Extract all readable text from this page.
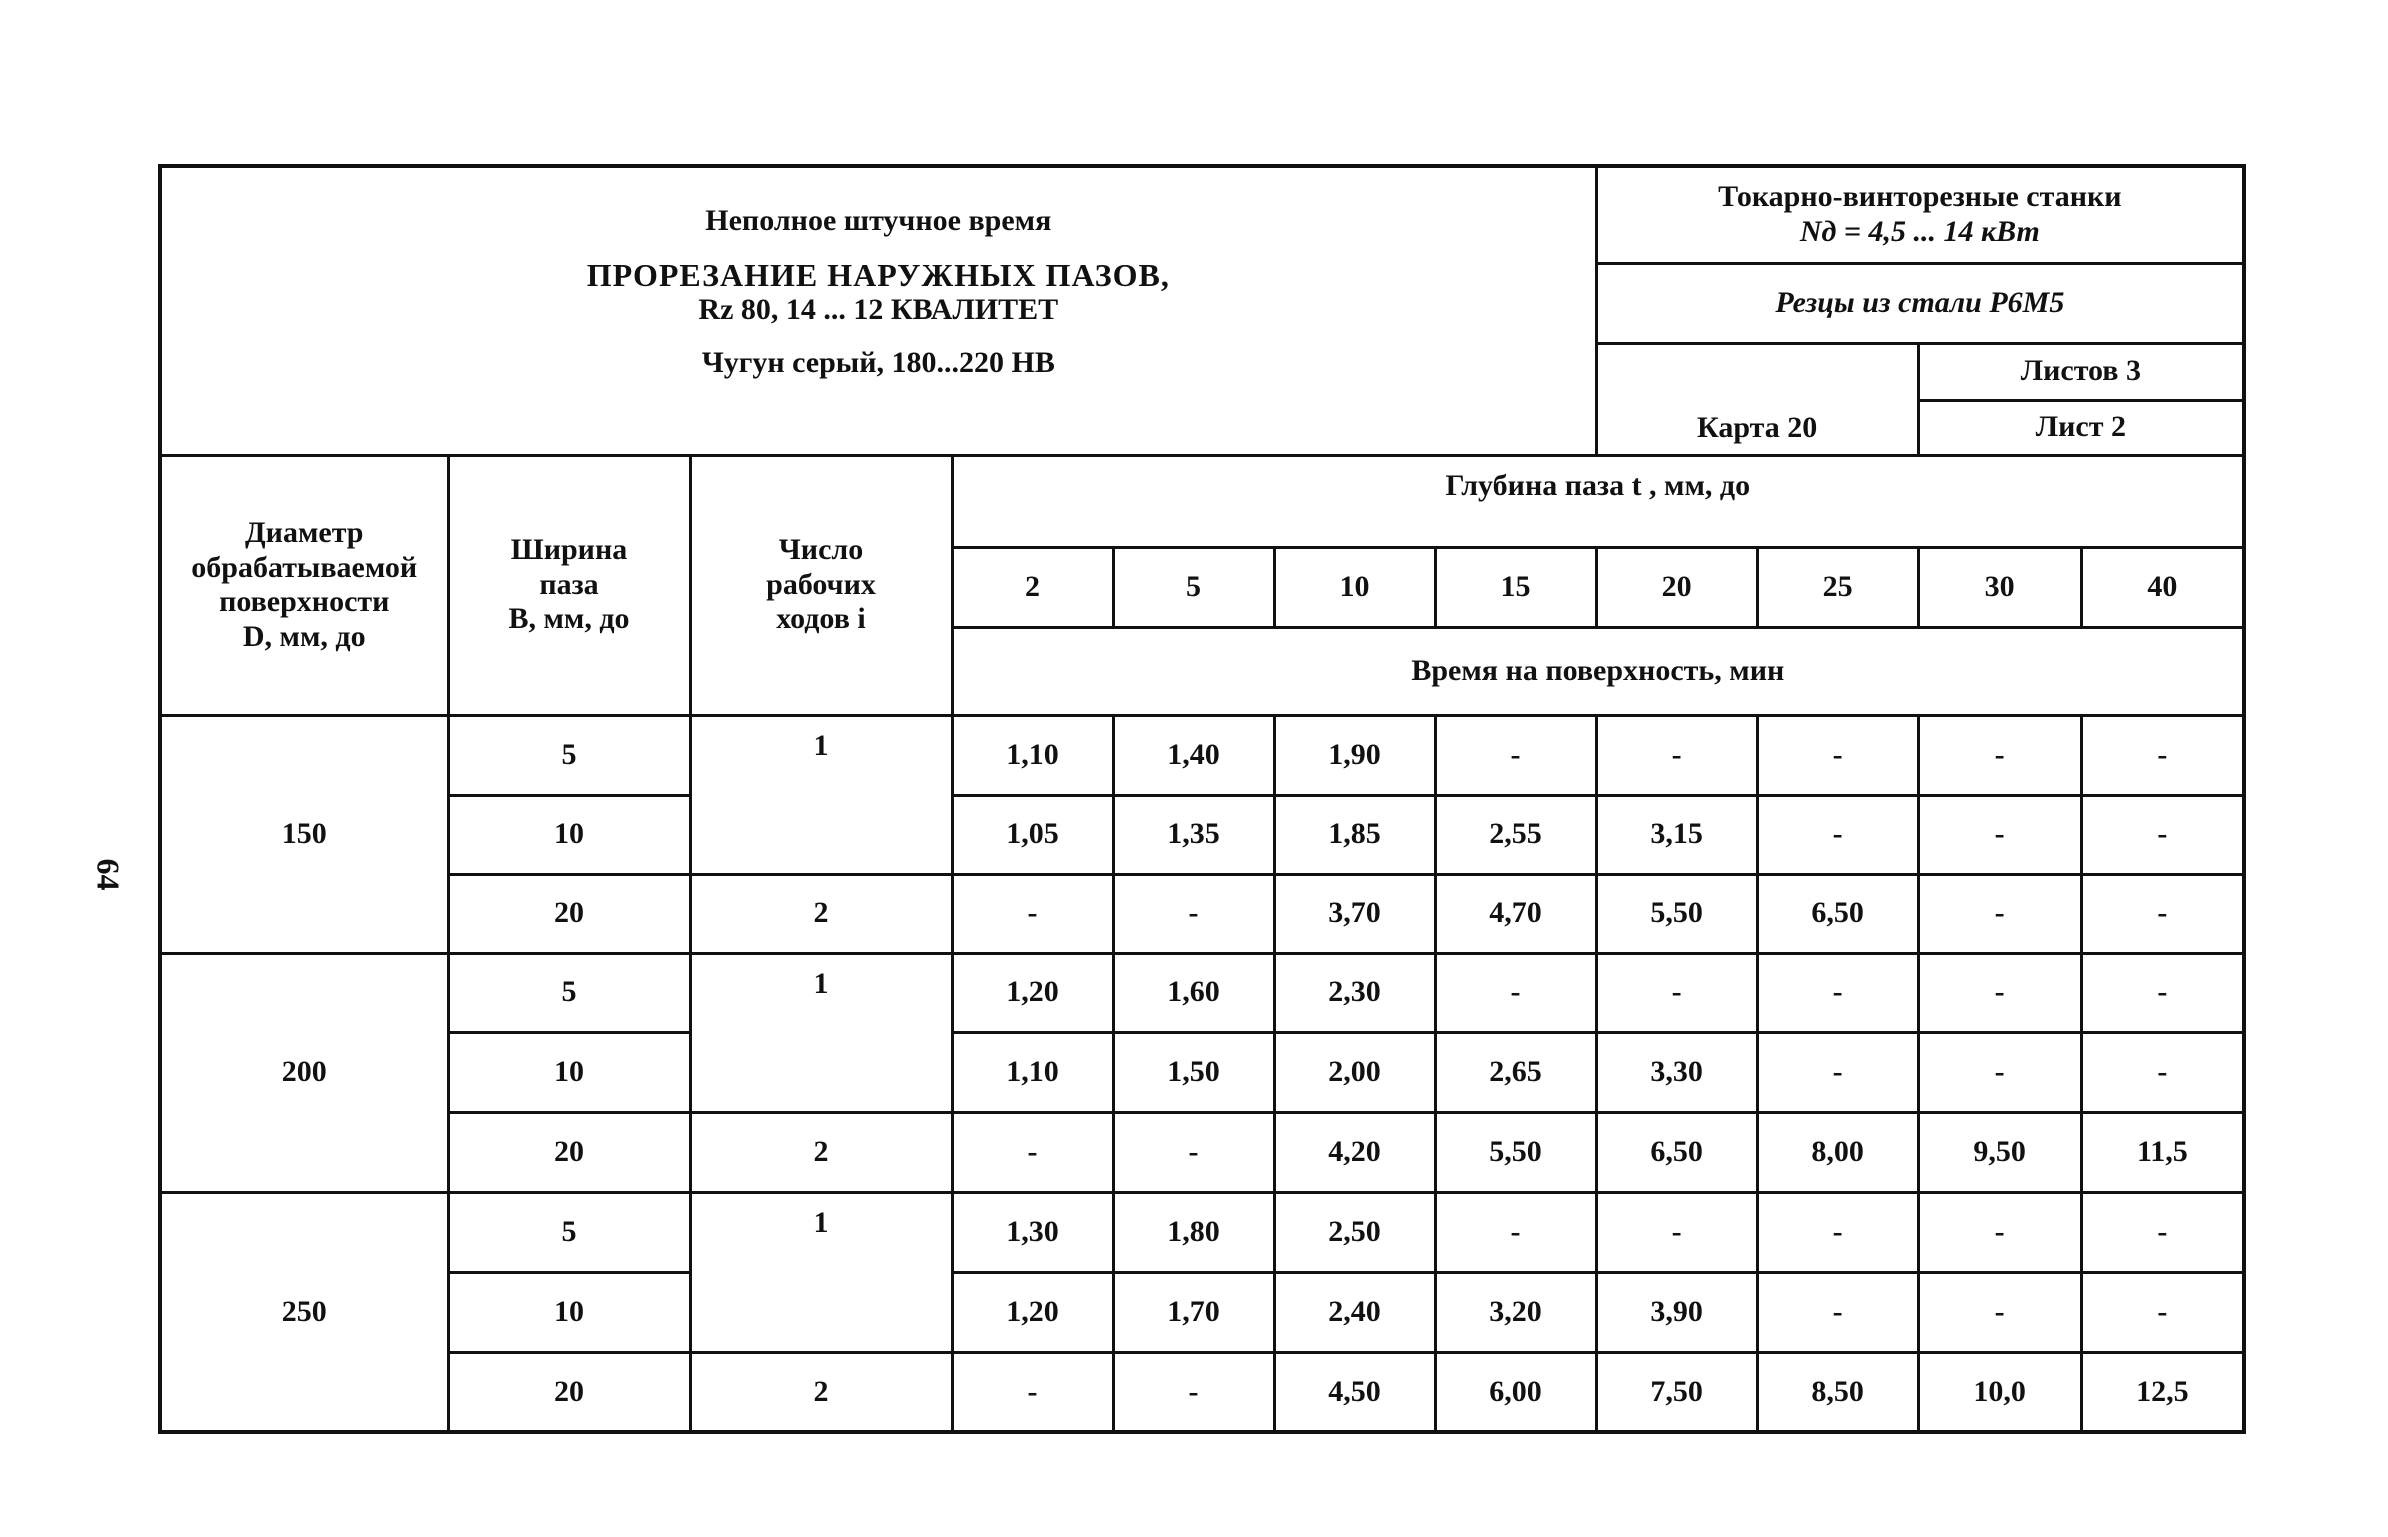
64
Неполное штучное время
ПРОРЕЗАНИЕ НАРУЖНЫХ ПАЗОВ,
Rz 80, 14 ... 12 КВАЛИТЕТ
Чугун серый, 180...220 НВ							Токарно-винторезные станки
Nд = 4,5 ... 14 кВт			

							Резцы из стали Р6М5			
							Карта 20		Листов 3	
									Лист 2	

Диаметр
обрабатываемой
поверхности
D, мм, до	Ширина
паза
B, мм, до	Число
рабочих
ходов i	Глубина паза t , мм, до							
			2	5	10	15	20	25	30	40
			Время на поверхность, мин							
150	5	1	1,10	1,40	1,90	-	-	-	-	-
	10		1,05	1,35	1,85	2,55	3,15	-	-	-
	20	2	-	-	3,70	4,70	5,50	6,50	-	-
200	5	1	1,20	1,60	2,30	-	-	-	-	-
	10		1,10	1,50	2,00	2,65	3,30	-	-	-
	20	2	-	-	4,20	5,50	6,50	8,00	9,50	11,5
250	5	1	1,30	1,80	2,50	-	-	-	-	-
	10		1,20	1,70	2,40	3,20	3,90	-	-	-
	20	2	-	-	4,50	6,00	7,50	8,50	10,0	12,5
